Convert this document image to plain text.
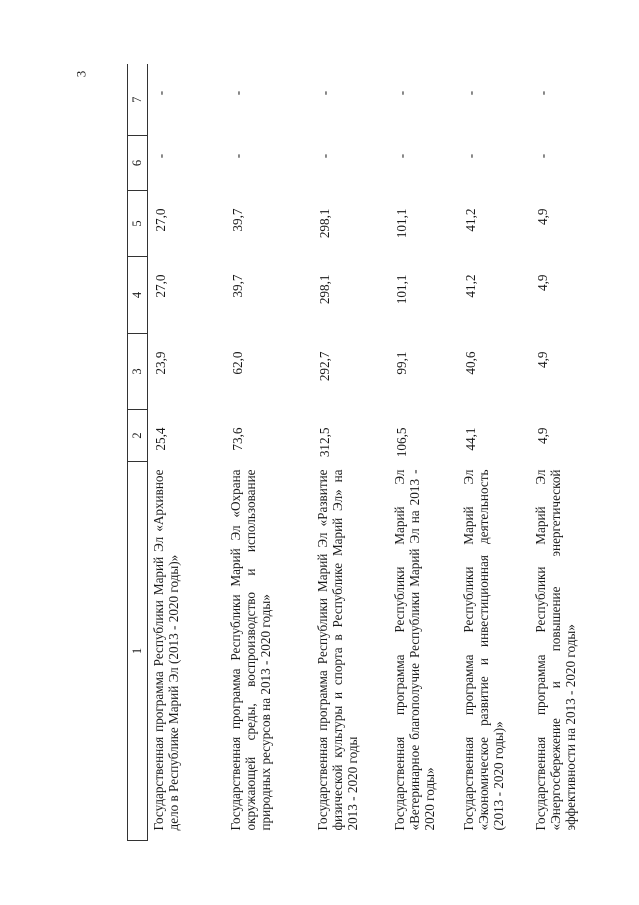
3
1	2	3	4	5	6	7
Государственная программа Республики Марий Эл «Архивное дело в Республике Марий Эл (2013 - 2020 годы)»	25,4	23,9	27,0	27,0	-	-
Государственная программа Республики Марий Эл «Охрана окружающей среды, воспроизводство и использование природных ресурсов на 2013 - 2020 годы»	73,6	62,0	39,7	39,7	-	-
Государственная программа Республики Марий Эл «Развитие физической культуры и спорта в Республике Марий Эл» на 2013 - 2020 годы	312,5	292,7	298,1	298,1	-	-
Государственная программа Республики Марий Эл «Ветеринарное благополучие Республики Марий Эл на 2013 - 2020 годы»	106,5	99,1	101,1	101,1	-	-
Государственная программа Республики Марий Эл «Экономическое развитие и инвестиционная деятельность (2013 - 2020 годы)»	44,1	40,6	41,2	41,2	-	-
Государственная программа Республики Марий Эл «Энергосбережение и повышение энергетической эффективности на 2013 - 2020 годы»	4,9	4,9	4,9	4,9	-	-
